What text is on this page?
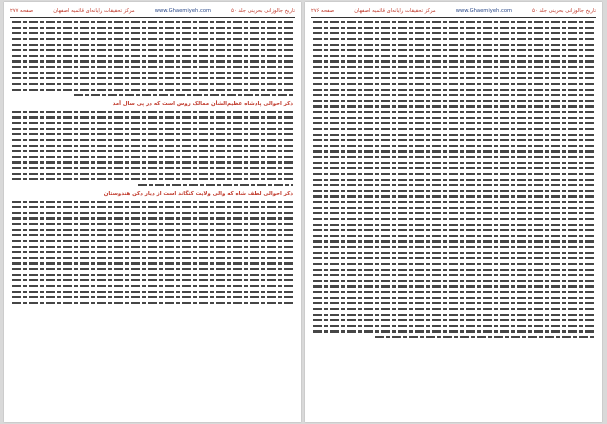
تاریخ جالوزانی بحرینی جلد ۵۰
www.Ghaemiyeh.com
مرکز تحقیقات رایانه‌ای قائمیه اصفهان
صفحه ۲۷۷
ذکر احوالی پادشاه عظیم‌الشأن ممالک روس است که در پی سال آمد
ذکر احوالی لطف شاه که والی ولایت کنگاند است از دیار دکن هندوستان
تاریخ جالوزانی بحرینی جلد ۵۰
www.Ghaemiyeh.com
مرکز تحقیقات رایانه‌ای قائمیه اصفهان
صفحه ۲۷۶
